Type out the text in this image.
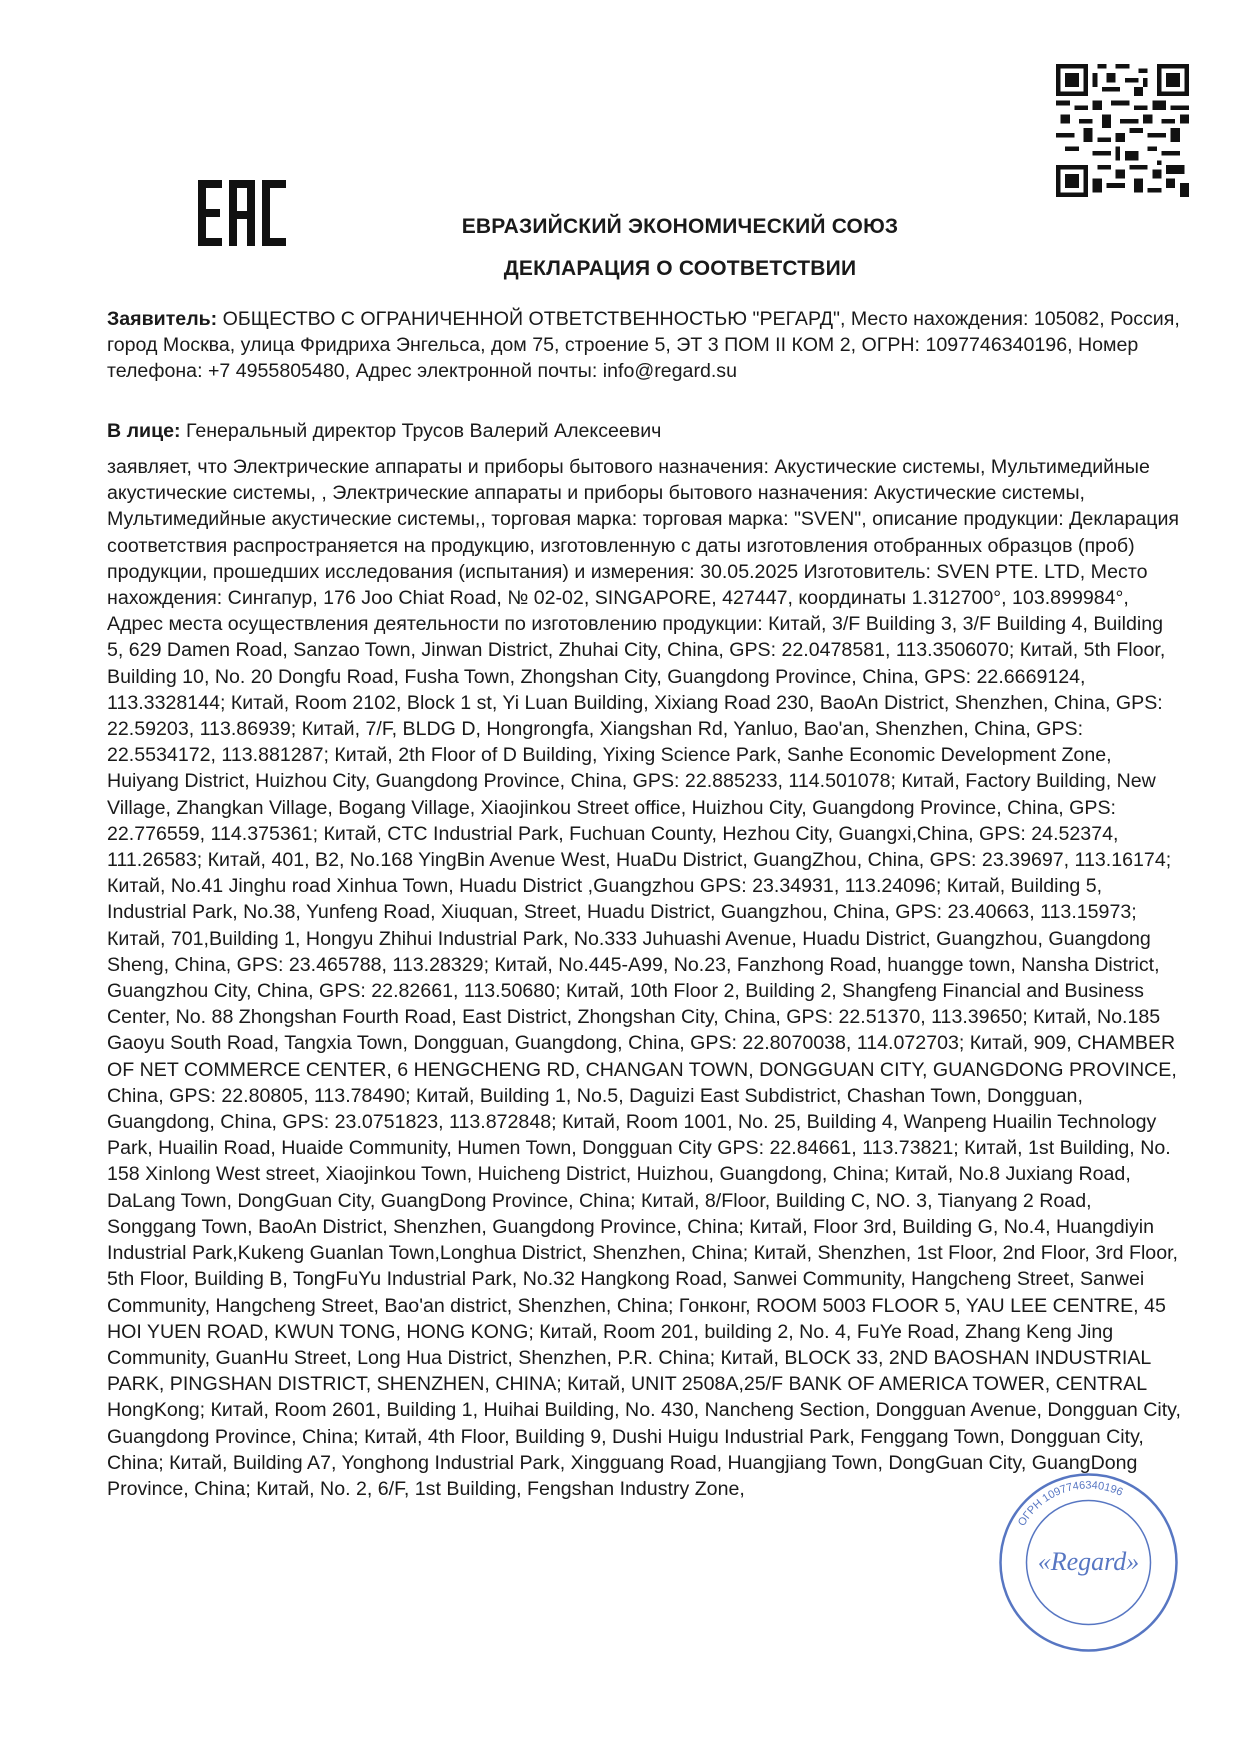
ЕВРАЗИЙСКИЙ ЭКОНОМИЧЕСКИЙ СОЮЗ
ДЕКЛАРАЦИЯ О СООТВЕТСТВИИ
Заявитель: ОБЩЕСТВО С ОГРАНИЧЕННОЙ ОТВЕТСТВЕННОСТЬЮ "РЕГАРД", Место нахождения: 105082, Россия, город Москва, улица Фридриха Энгельса, дом 75, строение 5, ЭТ 3 ПОМ II КОМ 2, ОГРН: 1097746340196, Номер телефона: +7 4955805480, Адрес электронной почты: info@regard.su
В лице: Генеральный директор Трусов Валерий Алексеевич
заявляет, что Электрические аппараты и приборы бытового назначения: Акустические системы, Мультимедийные акустические системы, , Электрические аппараты и приборы бытового назначения: Акустические системы, Мультимедийные акустические системы,, торговая марка: торговая марка: "SVEN", описание продукции: Декларация соответствия распространяется на продукцию, изготовленную с даты изготовления отобранных образцов (проб) продукции, прошедших исследования (испытания) и измерения: 30.05.2025 Изготовитель: SVEN PTE. LTD, Место нахождения: Сингапур, 176 Joo Chiat Road, № 02-02, SINGAPORE, 427447, координаты 1.312700°, 103.899984°, Адрес места осуществления деятельности по изготовлению продукции: Китай, 3/F Building 3, 3/F Building 4, Building 5, 629 Damen Road, Sanzao Town, Jinwan District, Zhuhai City, China, GPS: 22.0478581, 113.3506070; Китай, 5th Floor, Building 10, No. 20 Dongfu Road, Fusha Town, Zhongshan City, Guangdong Province, China, GPS: 22.6669124, 113.3328144; Китай, Room 2102, Block 1 st, Yi Luan Building, Xixiang Road 230, BaoAn District, Shenzhen, China, GPS: 22.59203, 113.86939; Китай, 7/F, BLDG D, Hongrongfa, Xiangshan Rd, Yanluo, Bao'an, Shenzhen, China, GPS: 22.5534172, 113.881287; Китай, 2th Floor of D Building, Yixing Science Park, Sanhe Economic Development Zone, Huiyang District, Huizhou City, Guangdong Province, China, GPS: 22.885233, 114.501078; Китай, Factory Building, New Village, Zhangkan Village, Bogang Village, Xiaojinkou Street office, Huizhou City, Guangdong Province, China, GPS: 22.776559, 114.375361; Китай, CTC Industrial Park, Fuchuan County, Hezhou City, Guangxi,China, GPS: 24.52374, 111.26583; Китай, 401, B2, No.168 YingBin Avenue West, HuaDu District, GuangZhou, China, GPS: 23.39697, 113.16174; Китай, No.41 Jinghu road Xinhua Town, Huadu District ,Guangzhou GPS: 23.34931, 113.24096; Китай, Building 5, Industrial Park, No.38, Yunfeng Road, Xiuquan, Street, Huadu District, Guangzhou, China, GPS: 23.40663, 113.15973; Китай, 701,Building 1, Hongyu Zhihui Industrial Park, No.333 Juhuashi Avenue, Huadu District, Guangzhou, Guangdong Sheng, China, GPS: 23.465788, 113.28329; Китай, No.445-A99, No.23, Fanzhong Road, huangge town, Nansha District, Guangzhou City, China, GPS: 22.82661, 113.50680; Китай, 10th Floor 2, Building 2, Shangfeng Financial and Business Center, No. 88 Zhongshan Fourth Road, East District, Zhongshan City, China, GPS: 22.51370, 113.39650; Китай, No.185 Gaoyu South Road, Tangxia Town, Dongguan, Guangdong, China, GPS: 22.8070038, 114.072703; Китай, 909, CHAMBER OF NET COMMERCE CENTER, 6 HENGCHENG RD, CHANGAN TOWN, DONGGUAN CITY, GUANGDONG PROVINCE, China, GPS: 22.80805, 113.78490; Китай, Building 1, No.5, Daguizi East Subdistrict, Chashan Town, Dongguan, Guangdong, China, GPS: 23.0751823, 113.872848; Китай, Room 1001, No. 25, Building 4, Wanpeng Huailin Technology Park, Huailin Road, Huaide Community, Humen Town, Dongguan City GPS: 22.84661, 113.73821; Китай, 1st Building, No. 158 Xinlong West street, Xiaojinkou Town, Huicheng District, Huizhou, Guangdong, China; Китай, No.8 Juxiang Road, DaLang Town, DongGuan City, GuangDong Province, China; Китай, 8/Floor, Building C, NO. 3, Tianyang 2 Road, Songgang Town, BaoAn District, Shenzhen, Guangdong Province, China; Китай, Floor 3rd, Building G, No.4, Huangdiyin Industrial Park,Kukeng Guanlan Town,Longhua District, Shenzhen, China; Китай, Shenzhen, 1st Floor, 2nd Floor, 3rd Floor, 5th Floor, Building B, TongFuYu Industrial Park, No.32 Hangkong Road, Sanwei Community, Hangcheng Street, Sanwei Community, Hangcheng Street, Bao'an district, Shenzhen, China; Гонконг, ROOM 5003 FLOOR 5, YAU LEE CENTRE, 45 HOI YUEN ROAD, KWUN TONG, HONG KONG; Китай, Room 201, building 2, No. 4, FuYe Road, Zhang Keng Jing Community, GuanHu Street, Long Hua District, Shenzhen, P.R. China; Китай, BLOCK 33, 2ND BAOSHAN INDUSTRIAL PARK, PINGSHAN DISTRICT, SHENZHEN, CHINA; Китай, UNIT 2508A,25/F BANK OF AMERICA TOWER, CENTRAL HongKong; Китай, Room 2601, Building 1, Huihai Building, No. 430, Nancheng Section, Dongguan Avenue, Dongguan City, Guangdong Province, China; Китай, 4th Floor, Building 9, Dushi Huigu Industrial Park, Fenggang Town, Dongguan City, China; Китай, Building A7, Yonghong Industrial Park, Xingguang Road, Huangjiang Town, DongGuan City, GuangDong Province, China; Китай, No. 2, 6/F, 1st Building, Fengshan Industry Zone,
ОГРН 1097746340196
«Regard»
